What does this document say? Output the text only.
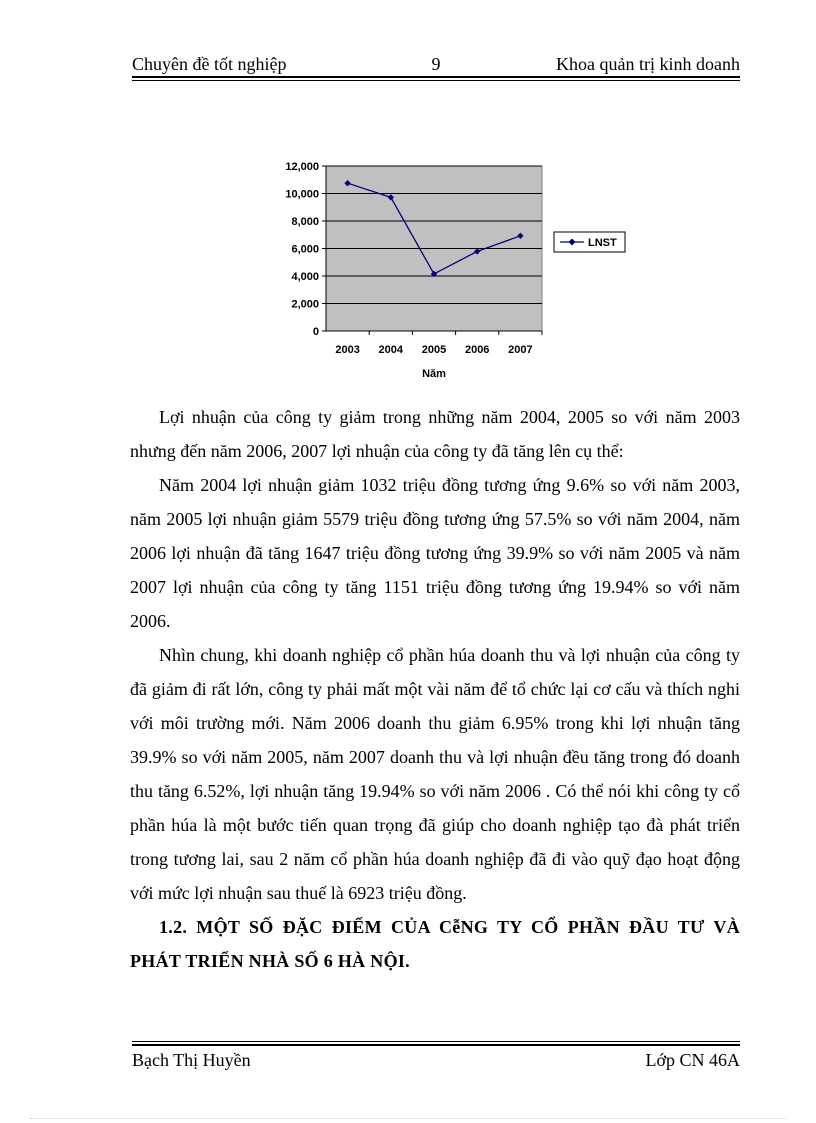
Chuyên đề tốt nghiệp	9	Khoa quản trị kinh doanh
12,000
10,000
8,000
6,000
4,000
2,000
0
2003 2004 2005 2006 2007
Năm
LNST

Lợi nhuận của công ty giảm trong những năm 2004, 2005 so với năm 2003 nhưng đến năm 2006, 2007 lợi nhuận của công ty đã tăng lên cụ thể:

Năm 2004 lợi nhuận giảm 1032 triệu đồng tương ứng 9.6% so với năm 2003, năm 2005 lợi nhuận giảm 5579 triệu đồng tương ứng 57.5% so với năm 2004, năm 2006 lợi nhuận đã tăng 1647 triệu đồng tương ứng 39.9% so với năm 2005 và năm 2007 lợi nhuận của công ty tăng 1151 triệu đồng tương ứng 19.94% so với năm 2006.

Nhìn chung, khi doanh nghiệp cổ phần húa doanh thu và lợi nhuận của công ty đã giảm đi rất lớn, công ty phải mất một vài năm để tổ chức lại cơ cấu và thích nghi với môi trường mới. Năm 2006 doanh thu giảm 6.95% trong khi lợi nhuận tăng 39.9% so với năm 2005, năm 2007 doanh thu và lợi nhuận đều tăng trong đó doanh thu tăng 6.52%, lợi nhuận tăng 19.94% so với năm 2006 . Có thể nói khi công ty cổ phần húa là một bước tiến quan trọng đã giúp cho doanh nghiệp tạo đà phát triển trong tương lai, sau 2 năm cổ phần húa doanh nghiệp đã đi vào quỹ đạo hoạt động với mức lợi nhuận sau thuế là 6923 triệu đồng.

1.2. MỘT SỐ ĐẶC ĐIỂM CỦA CễNG TY CỔ PHẦN ĐẦU TƯ VÀ PHÁT TRIỂN NHÀ SỐ 6 HÀ NỘI.

Bạch Thị Huyền	Lớp CN 46A
